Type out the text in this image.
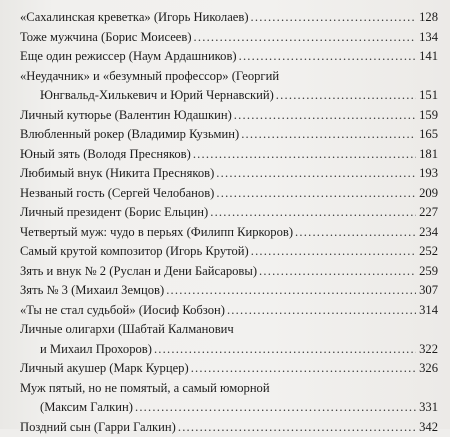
«Сахалинская креветка» (Игорь Николаев) .....	128
Тоже мужчина (Борис Моисеев) .....	134
Еще один режиссер (Наум Ардашников) .....	141
«Неудачник» и «безумный профессор» (Георгий
Юнгвальд-Хилькевич и Юрий Чернавский) .....	151
Личный кутюрье (Валентин Юдашкин) .....	159
Влюбленный рокер (Владимир Кузьмин) .....	165
Юный зять (Володя Пресняков) .....	181
Любимый внук (Никита Пресняков) .....	193
Незваный гость (Сергей Челобанов) .....	209
Личный президент (Борис Ельцин) .....	227
Четвертый муж: чудо в перьях (Филипп Киркоров) .....	234
Самый крутой композитор (Игорь Крутой) .....	252
Зять и внук № 2 (Руслан и Дени Байсаровы) .....	259
Зять № 3 (Михаил Земцов) .....	307
«Ты не стал судьбой» (Иосиф Кобзон) .....	314
Личные олигархи (Шабтай Калманович
и Михаил Прохоров) .....	322
Личный акушер (Марк Курцер) .....	326
Муж пятый, но не помятый, а самый юморной
(Максим Галкин) .....	331
Поздний сын (Гарри Галкин) .....	342
